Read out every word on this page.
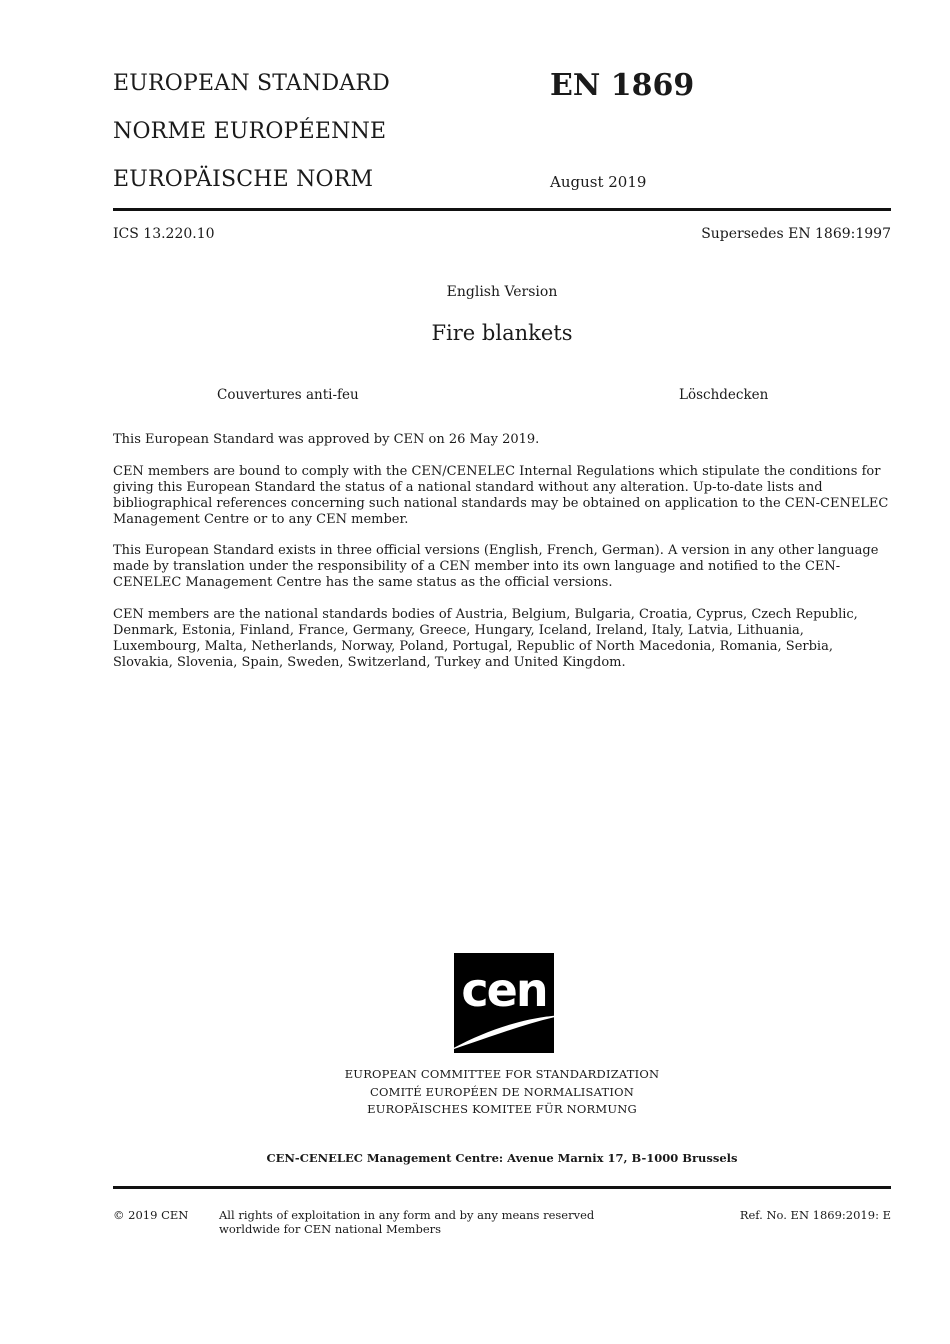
EUROPEAN STANDARD
NORME EUROPÉENNE
EUROPÄISCHE NORM
EN 1869
August 2019
ICS 13.220.10	Supersedes EN 1869:1997
English Version
Fire blankets
Couvertures anti-feu	Löschdecken
This European Standard was approved by CEN on 26 May 2019.
CEN members are bound to comply with the CEN/CENELEC Internal Regulations which stipulate the conditions for giving this European Standard the status of a national standard without any alteration. Up-to-date lists and bibliographical references concerning such national standards may be obtained on application to the CEN-CENELEC Management Centre or to any CEN member.
This European Standard exists in three official versions (English, French, German). A version in any other language made by translation under the responsibility of a CEN member into its own language and notified to the CEN-CENELEC Management Centre has the same status as the official versions.
CEN members are the national standards bodies of Austria, Belgium, Bulgaria, Croatia, Cyprus, Czech Republic, Denmark, Estonia, Finland, France, Germany, Greece, Hungary, Iceland, Ireland, Italy, Latvia, Lithuania, Luxembourg, Malta, Netherlands, Norway, Poland, Portugal, Republic of North Macedonia, Romania, Serbia, Slovakia, Slovenia, Spain, Sweden, Switzerland, Turkey and United Kingdom.
cen
EUROPEAN COMMITTEE FOR STANDARDIZATION
COMITÉ EUROPÉEN DE NORMALISATION
EUROPÄISCHES KOMITEE FÜR NORMUNG
CEN-CENELEC Management Centre: Avenue Marnix 17, B-1000 Brussels
© 2019 CEN	All rights of exploitation in any form and by any means reserved
worldwide for CEN national Members
Ref. No. EN 1869:2019: E
